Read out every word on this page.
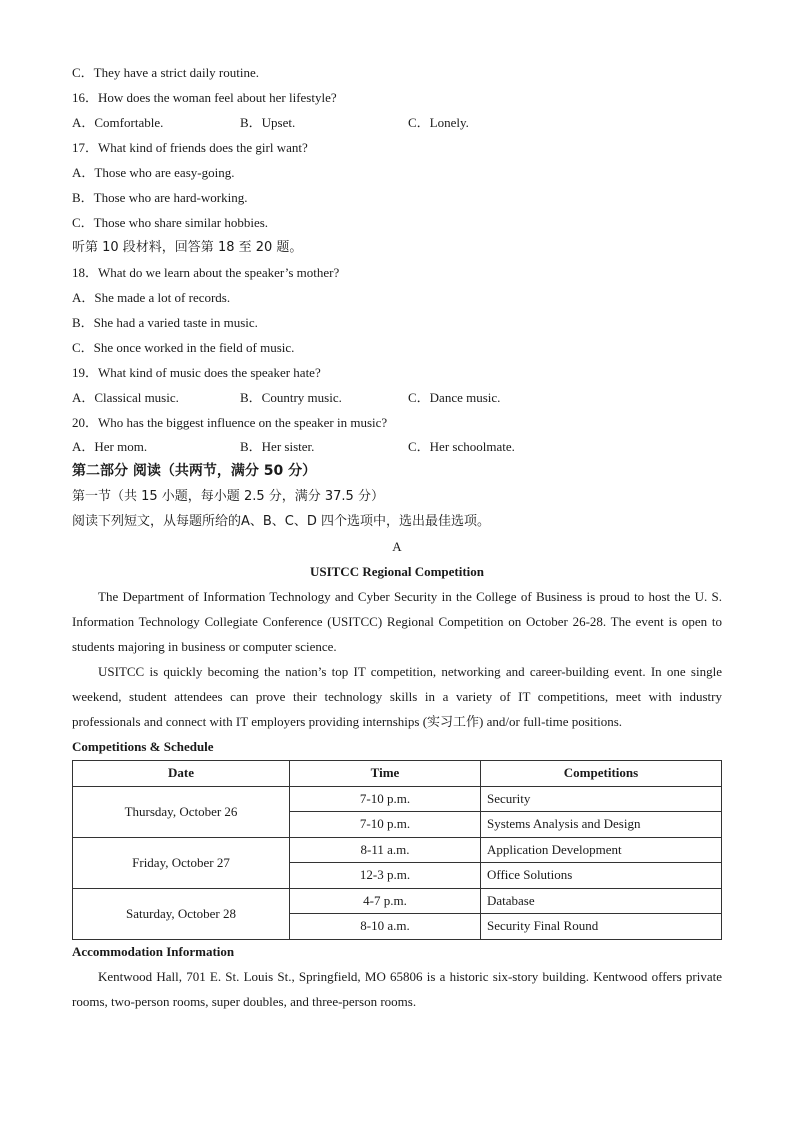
C．They have a strict daily routine.
16．How does the woman feel about her lifestyle?
A．Comfortable.	B．Upset.	C．Lonely.
17．What kind of friends does the girl want?
A．Those who are easy-going.
B．Those who are hard-working.
C．Those who share similar hobbies.
听第 10 段材料，回答第 18 至 20 题。
18．What do we learn about the speaker’s mother?
A．She made a lot of records.
B．She had a varied taste in music.
C．She once worked in the field of music.
19．What kind of music does the speaker hate?
A．Classical music.	B．Country music.	C．Dance music.
20．Who has the biggest influence on the speaker in music?
A．Her mom.	B．Her sister.	C．Her schoolmate.
第二部分 阅读（共两节，满分 50 分）
第一节（共 15 小题，每小题 2.5 分，满分 37.5 分）
阅读下列短文，从每题所给的A、B、C、D 四个选项中，选出最佳选项。
A
USITCC Regional Competition
The Department of Information Technology and Cyber Security in the College of Business is proud to host the U. S. Information Technology Collegiate Conference (USITCC) Regional Competition on October 26-28. The event is open to students majoring in business or computer science.
USITCC is quickly becoming the nation’s top IT competition, networking and career-building event. In one single weekend, student attendees can prove their technology skills in a variety of IT competitions, meet with industry professionals and connect with IT employers providing internships (实习工作) and/or full-time positions.
Competitions & Schedule
Date	Time	Competitions
Thursday, October 26	7-10 p.m.	Security
	7-10 p.m.	Systems Analysis and Design
Friday, October 27	8-11 a.m.	Application Development
	12-3 p.m.	Office Solutions
Saturday, October 28	4-7 p.m.	Database
	8-10 a.m.	Security Final Round
Accommodation Information
Kentwood Hall, 701 E. St. Louis St., Springfield, MO 65806 is a historic six-story building. Kentwood offers private rooms, two-person rooms, super doubles, and three-person rooms.
